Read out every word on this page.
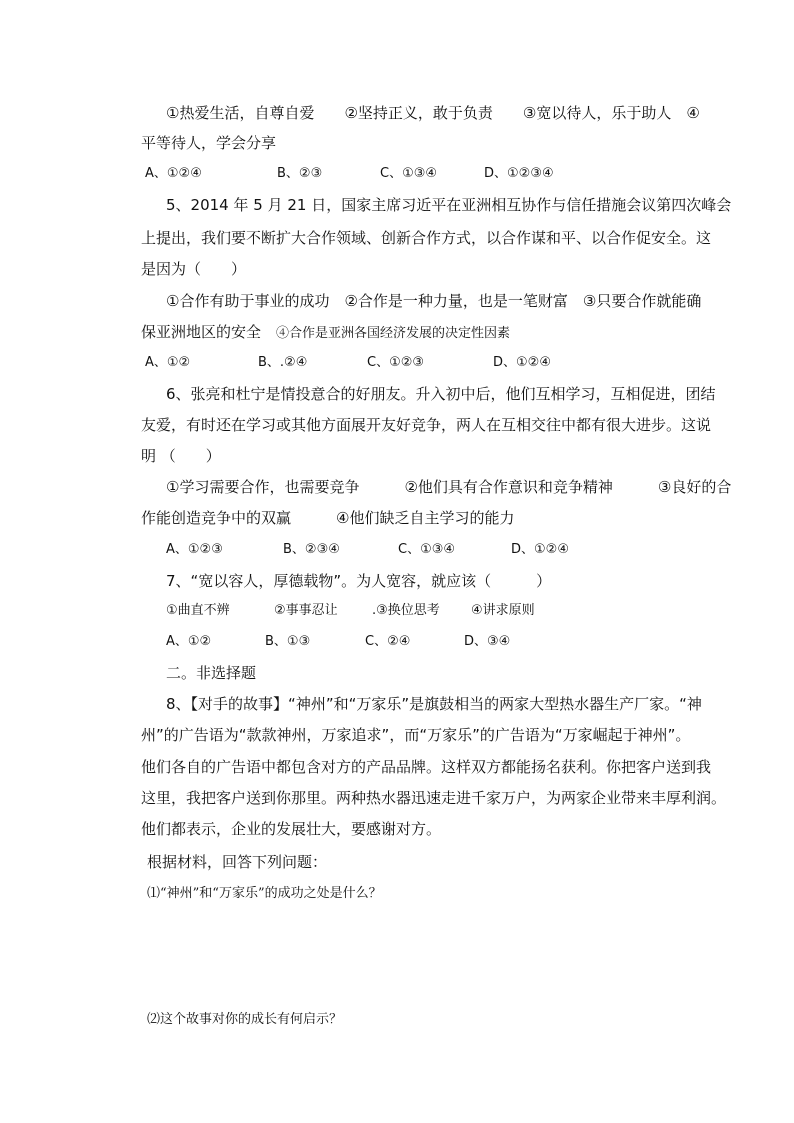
①热爱生活，自尊自爱　　②坚持正义，敢于负责　　③宽以待人，乐于助人　④
平等待人，学会分享
A、①②④	B、②③	C、①③④	D、①②③④
5、2014 年 5 月 21 日，国家主席习近平在亚洲相互协作与信任措施会议第四次峰会
上提出，我们要不断扩大合作领域、创新合作方式，以合作谋和平、以合作促安全。这
是因为（　　）
①合作有助于事业的成功　②合作是一种力量，也是一笔财富　③只要合作就能确
保亚洲地区的安全　④合作是亚洲各国经济发展的决定性因素
A、①②	B、.②④	C、①②③	D、①②④
6、张亮和杜宁是情投意合的好朋友。升入初中后，他们互相学习，互相促进，团结
友爱，有时还在学习或其他方面展开友好竞争，两人在互相交往中都有很大进步。这说
明 （　　）
①学习需要合作，也需要竞争　　　②他们具有合作意识和竞争精神　　　③良好的合
作能创造竞争中的双赢　　　④他们缺乏自主学习的能力
A、①②③	B、②③④	C、①③④	D、①②④
7、“宽以容人，厚德载物”。为人宽容，就应该（　　　）
①曲直不辨	②事事忍让	.③换位思考 ④讲求原则
A、①②	B、①③	C、②④	D、③④
二。非选择题
8、【对手的故事】“神州”和“万家乐”是旗鼓相当的两家大型热水器生产厂家。“神
州”的广告语为“款款神州，万家追求”，而“万家乐”的广告语为“万家崛起于神州”。
他们各自的广告语中都包含对方的产品品牌。这样双方都能扬名获利。你把客户送到我
这里，我把客户送到你那里。两种热水器迅速走进千家万户，为两家企业带来丰厚利润。
他们都表示，企业的发展壮大，要感谢对方。
根据材料，回答下列问题：
⑴“神州”和“万家乐”的成功之处是什么？
⑵这个故事对你的成长有何启示？
